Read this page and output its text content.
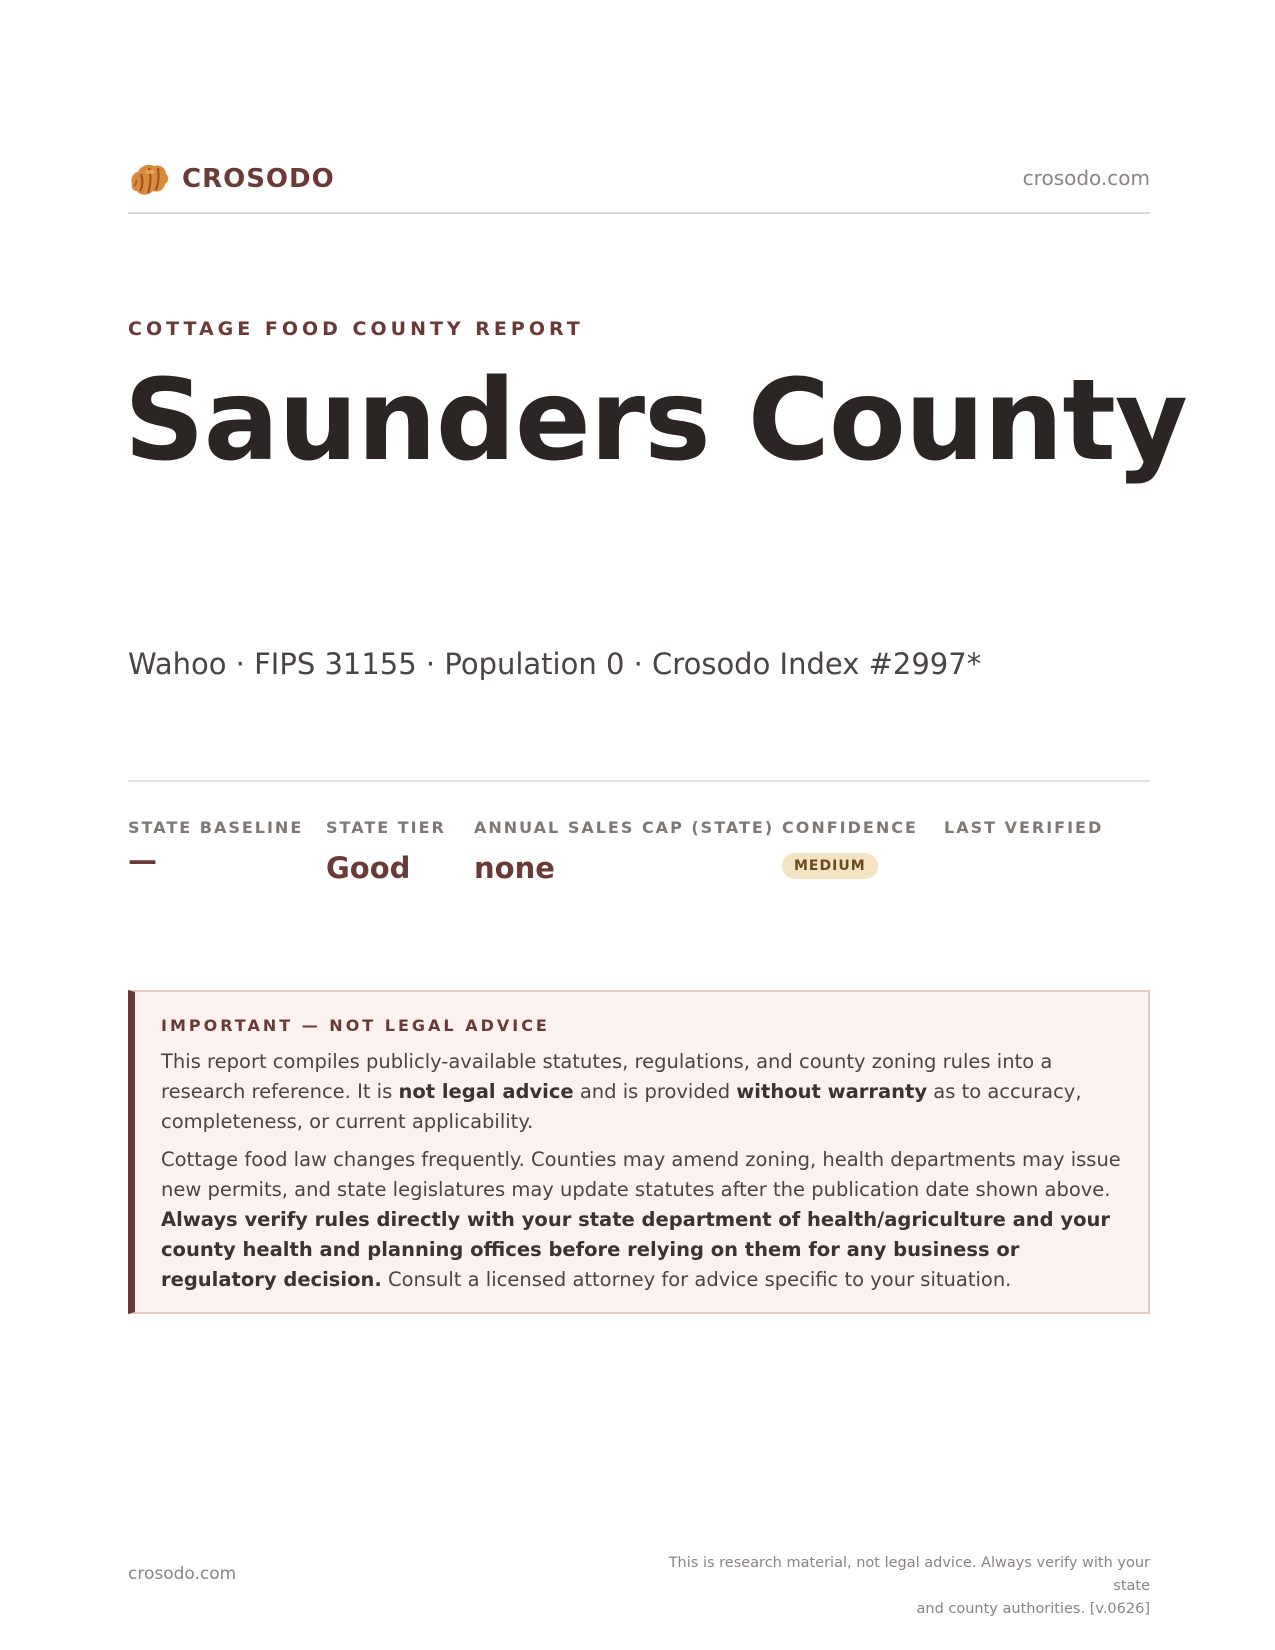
CROSODO	crosodo.com
COTTAGE FOOD COUNTY REPORT
Saunders County
Wahoo · FIPS 31155 · Population 0 · Crosodo Index #2997*
STATE BASELINE
—
STATE TIER
Good
ANNUAL SALES CAP (STATE)
none
CONFIDENCE
MEDIUM
LAST VERIFIED
IMPORTANT — NOT LEGAL ADVICE

This report compiles publicly-available statutes, regulations, and county zoning rules into a research reference. It is not legal advice and is provided without warranty as to accuracy, completeness, or current applicability.

Cottage food law changes frequently. Counties may amend zoning, health departments may issue new permits, and state legislatures may update statutes after the publication date shown above. Always verify rules directly with your state department of health/agriculture and your county health and planning offices before relying on them for any business or regulatory decision. Consult a licensed attorney for advice specific to your situation.

crosodo.com
This is research material, not legal advice. Always verify with your state
and county authorities. [v.0626]
